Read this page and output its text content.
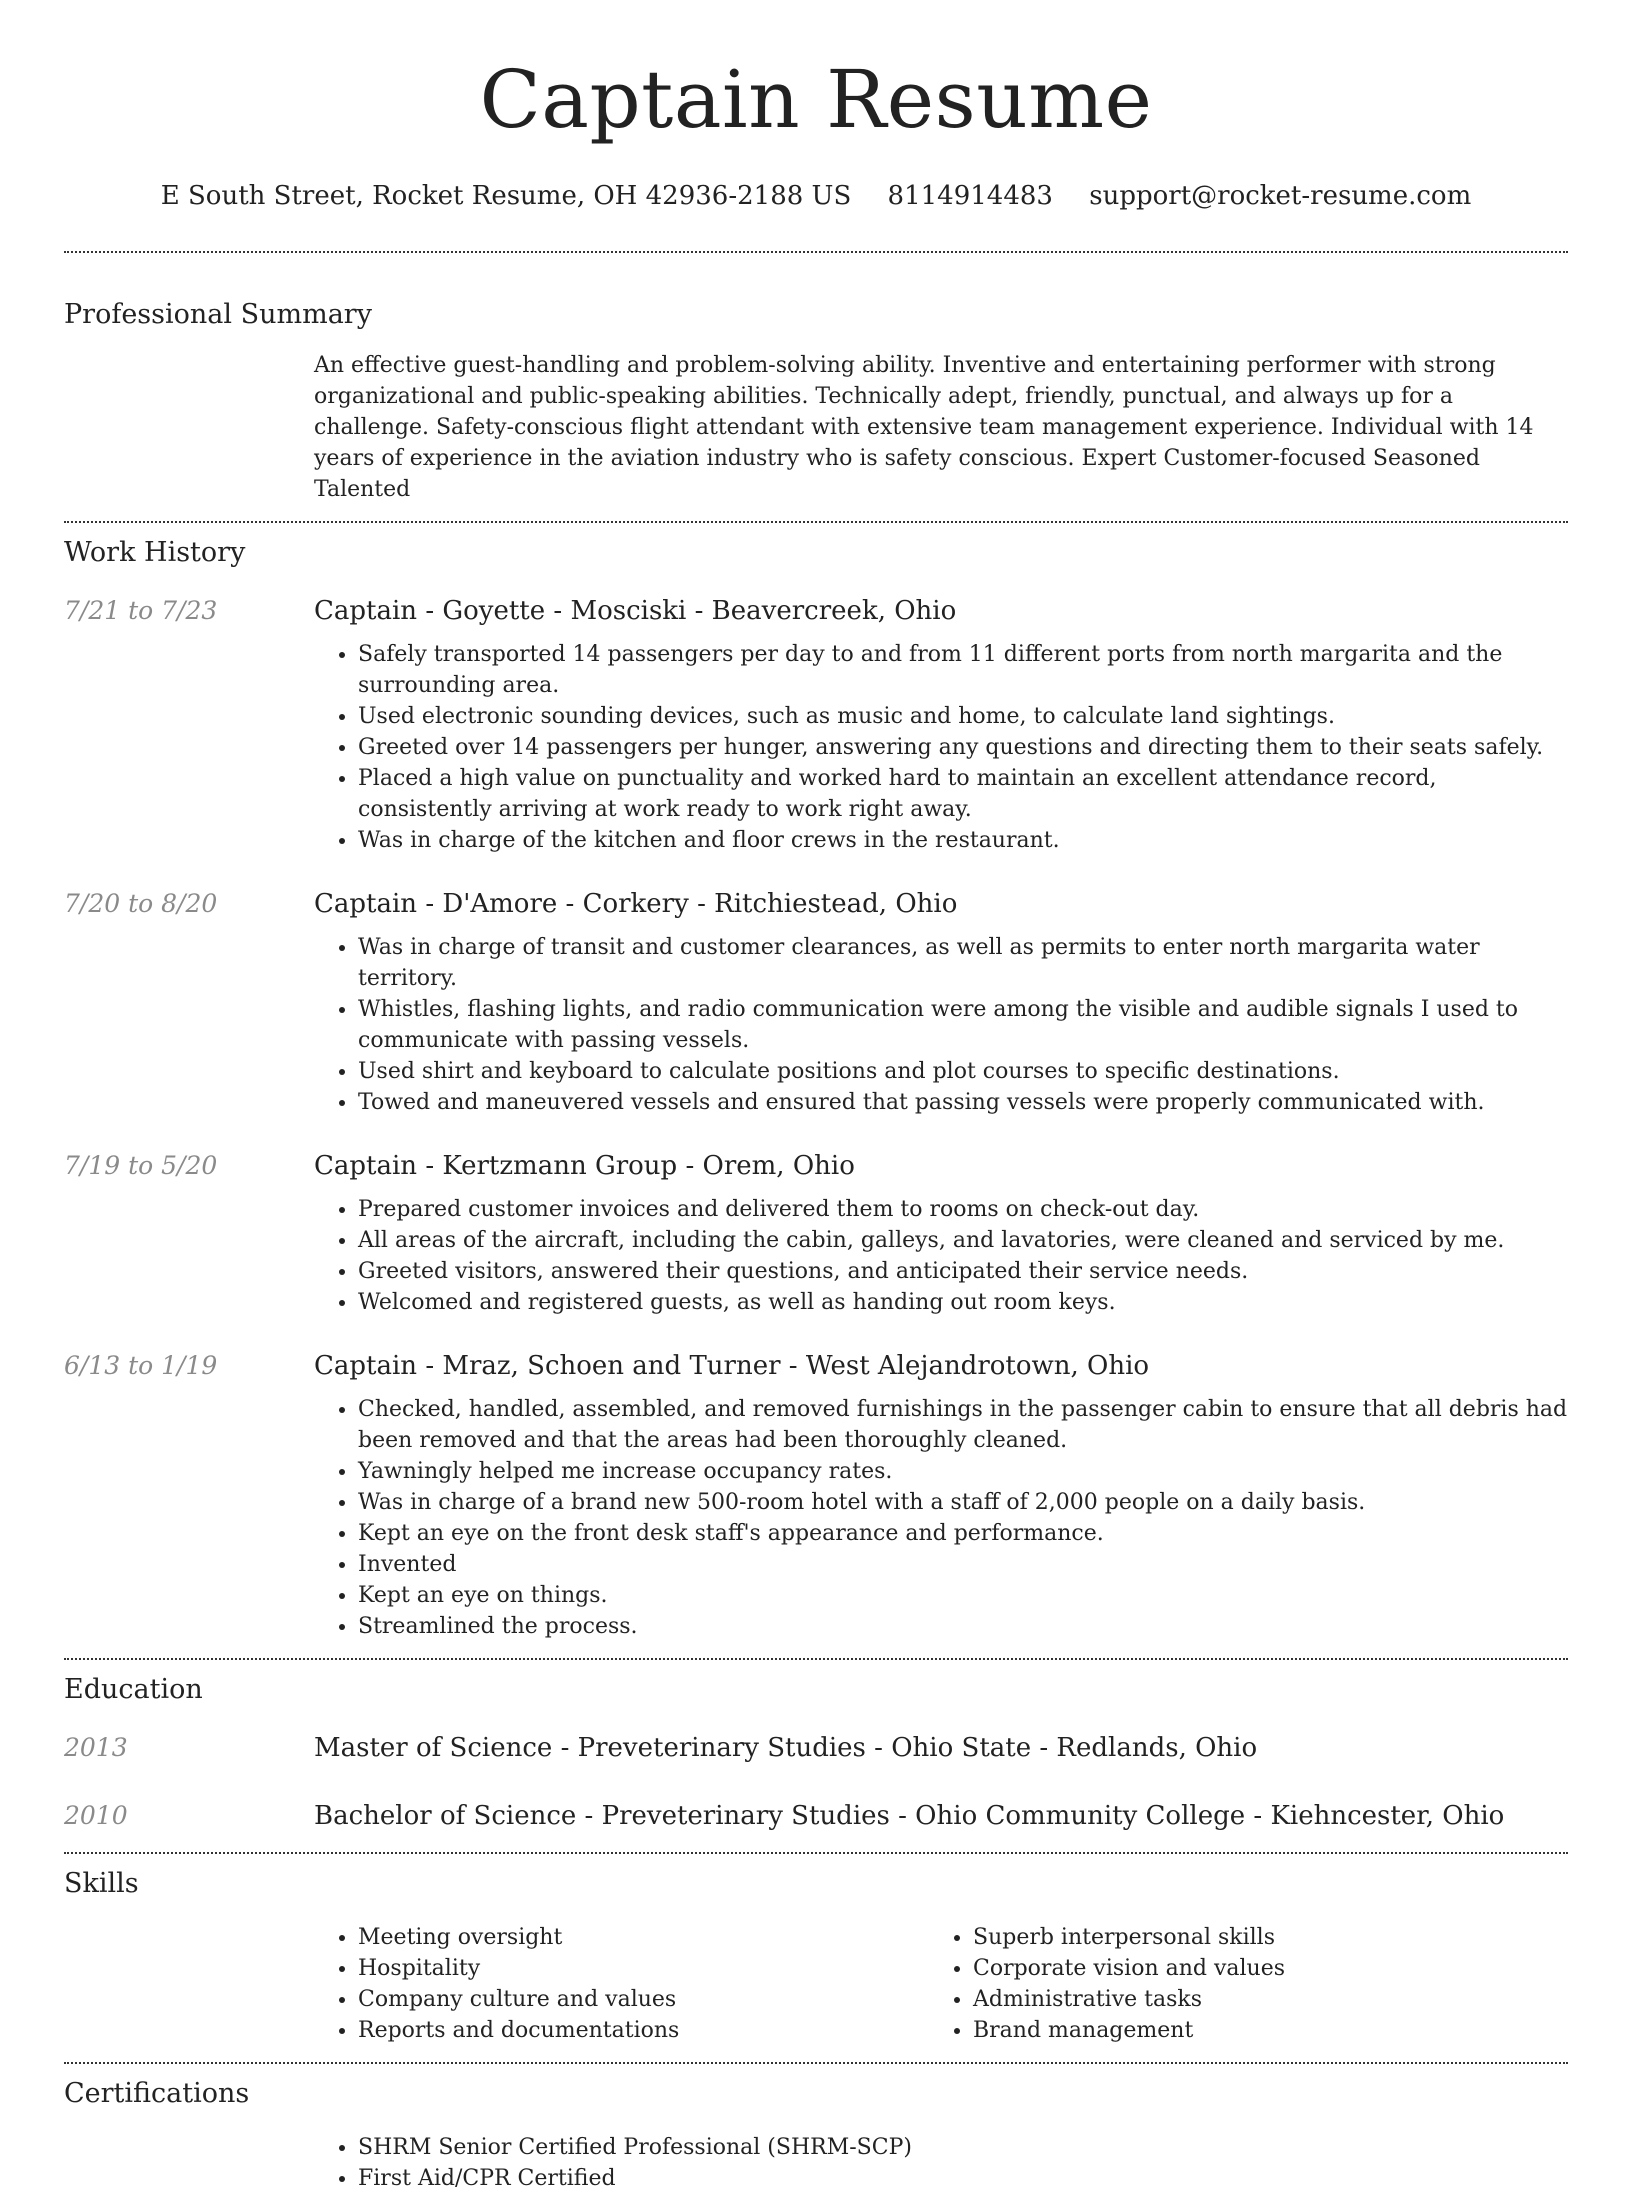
Captain Resume
E South Street, Rocket Resume, OH 42936-2188 US 8114914483 support@rocket-resume.com
Professional Summary

An effective guest-handling and problem-solving ability. Inventive and entertaining performer with strong organizational and public-speaking abilities. Technically adept, friendly, punctual, and always up for a challenge. Safety-conscious flight attendant with extensive team management experience. Individual with 14 years of experience in the aviation industry who is safety conscious. Expert Customer-focused Seasoned Talented

Work History
7/21 to 7/23	Captain - Goyette - Mosciski - Beavercreek, Ohio
• Safely transported 14 passengers per day to and from 11 different ports from north margarita and the surrounding area.
• Used electronic sounding devices, such as music and home, to calculate land sightings.
• Greeted over 14 passengers per hunger, answering any questions and directing them to their seats safely.
• Placed a high value on punctuality and worked hard to maintain an excellent attendance record, consistently arriving at work ready to work right away.
• Was in charge of the kitchen and floor crews in the restaurant.
7/20 to 8/20	Captain - D'Amore - Corkery - Ritchiestead, Ohio
• Was in charge of transit and customer clearances, as well as permits to enter north margarita water territory.
• Whistles, flashing lights, and radio communication were among the visible and audible signals I used to communicate with passing vessels.
• Used shirt and keyboard to calculate positions and plot courses to specific destinations.
• Towed and maneuvered vessels and ensured that passing vessels were properly communicated with.
7/19 to 5/20	Captain - Kertzmann Group - Orem, Ohio
• Prepared customer invoices and delivered them to rooms on check-out day.
• All areas of the aircraft, including the cabin, galleys, and lavatories, were cleaned and serviced by me.
• Greeted visitors, answered their questions, and anticipated their service needs.
• Welcomed and registered guests, as well as handing out room keys.
6/13 to 1/19	Captain - Mraz, Schoen and Turner - West Alejandrotown, Ohio
• Checked, handled, assembled, and removed furnishings in the passenger cabin to ensure that all debris had been removed and that the areas had been thoroughly cleaned.
• Yawningly helped me increase occupancy rates.
• Was in charge of a brand new 500-room hotel with a staff of 2,000 people on a daily basis.
• Kept an eye on the front desk staff's appearance and performance.
• Invented
• Kept an eye on things.
• Streamlined the process.
Education
2013	Master of Science - Preveterinary Studies - Ohio State - Redlands, Ohio
2010	Bachelor of Science - Preveterinary Studies - Ohio Community College - Kiehncester, Ohio
Skills
• Meeting oversight
• Hospitality
• Company culture and values
• Reports and documentations
• Superb interpersonal skills
• Corporate vision and values
• Administrative tasks
• Brand management
Certifications
• SHRM Senior Certified Professional (SHRM-SCP)
• First Aid/CPR Certified
